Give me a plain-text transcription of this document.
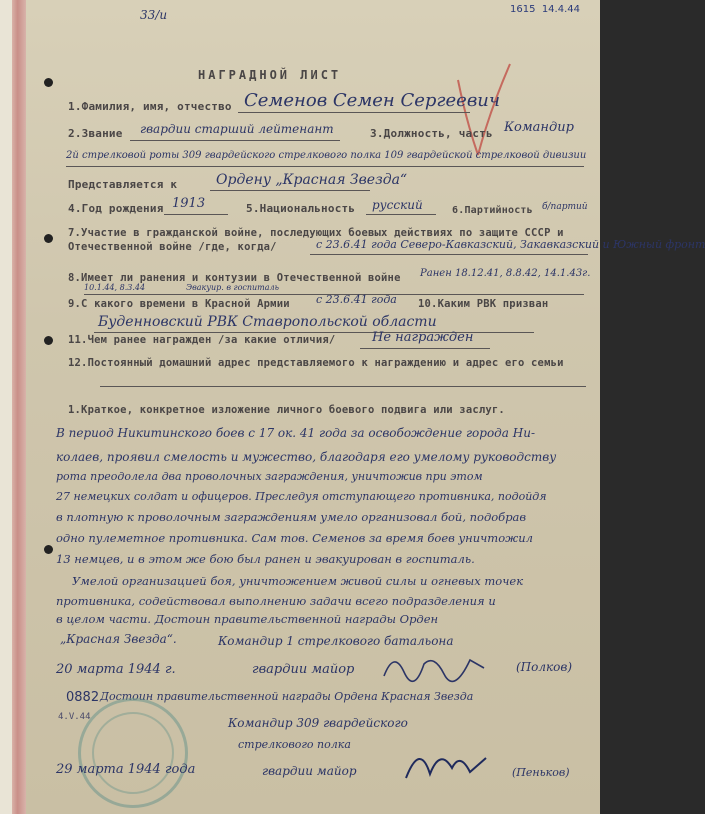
33/и	1615 14.4.44
НАГРАДНОЙ ЛИСТ
1.Фамилия, имя, отчество Семенов Семен Сергеевич
2.Звание гвардии старший лейтенант	3.Должность, часть Командир
2й стрелковой роты 309 гвардейского стрелкового полка 109 гвардейской стрелковой дивизии
Представляется к	Ордену „Красная Звезда“
4.Год рождения 1913	5.Национальность русский	6.Партийность б/партий
7.Участие в гражданской войне, последующих боевых действиях по защите СССР и Отечественной войне /где, когда/	с 23.6.41 года Северо-Кавказский, Закавказский и Южный фронт
8.Имеет ли ранения и контузии в Отечественной войне Ранен 18.12.41, 8.8.42, 14.1.43г.
10.1.44, 8.3.44	Эвакуир. в госпиталь
9.С какого времени в Красной Армии с 23.6.41 года 10.Каким РВК призван
Буденновский РВК Ставропольской области
11.Чем ранее награжден /за какие отличия/	Не награжден
12.Постоянный домашний адрес представляемого к награждению и адрес его семьи
1.Краткое, конкретное изложение личного боевого подвига или заслуг.
В период Никитинского боев с 17 ок. 41 года за освобождение города Ни-
колаев, проявил смелость и мужество, благодаря его умелому руководству
рота преодолела два проволочных заграждения, уничтожив при этом
27 немецких солдат и офицеров. Преследуя отступающего противника, подойдя
в плотную к проволочным заграждениям умело организовал бой, подобрав
одно пулеметное противника. Сам тов. Семенов за время боев уничтожил
13 немцев, и в этом же бою был ранен и эвакуирован в госпиталь.
Умелой организацией боя, уничтожением живой силы и огневых точек
противника, содействовал выполнению задачи всего подразделения и
в целом части. Достоин правительственной награды Орден
„Красная Звезда“.	Командир 1 стрелкового батальона
20 марта 1944 г.	гвардии майор	(Полков)
0882 Достоин правительственной награды Ордена Красная Звезда
4.V.44	Командир 309 гвардейского
стрелкового полка
29 марта 1944 года	гвардии майор	(Пеньков)
